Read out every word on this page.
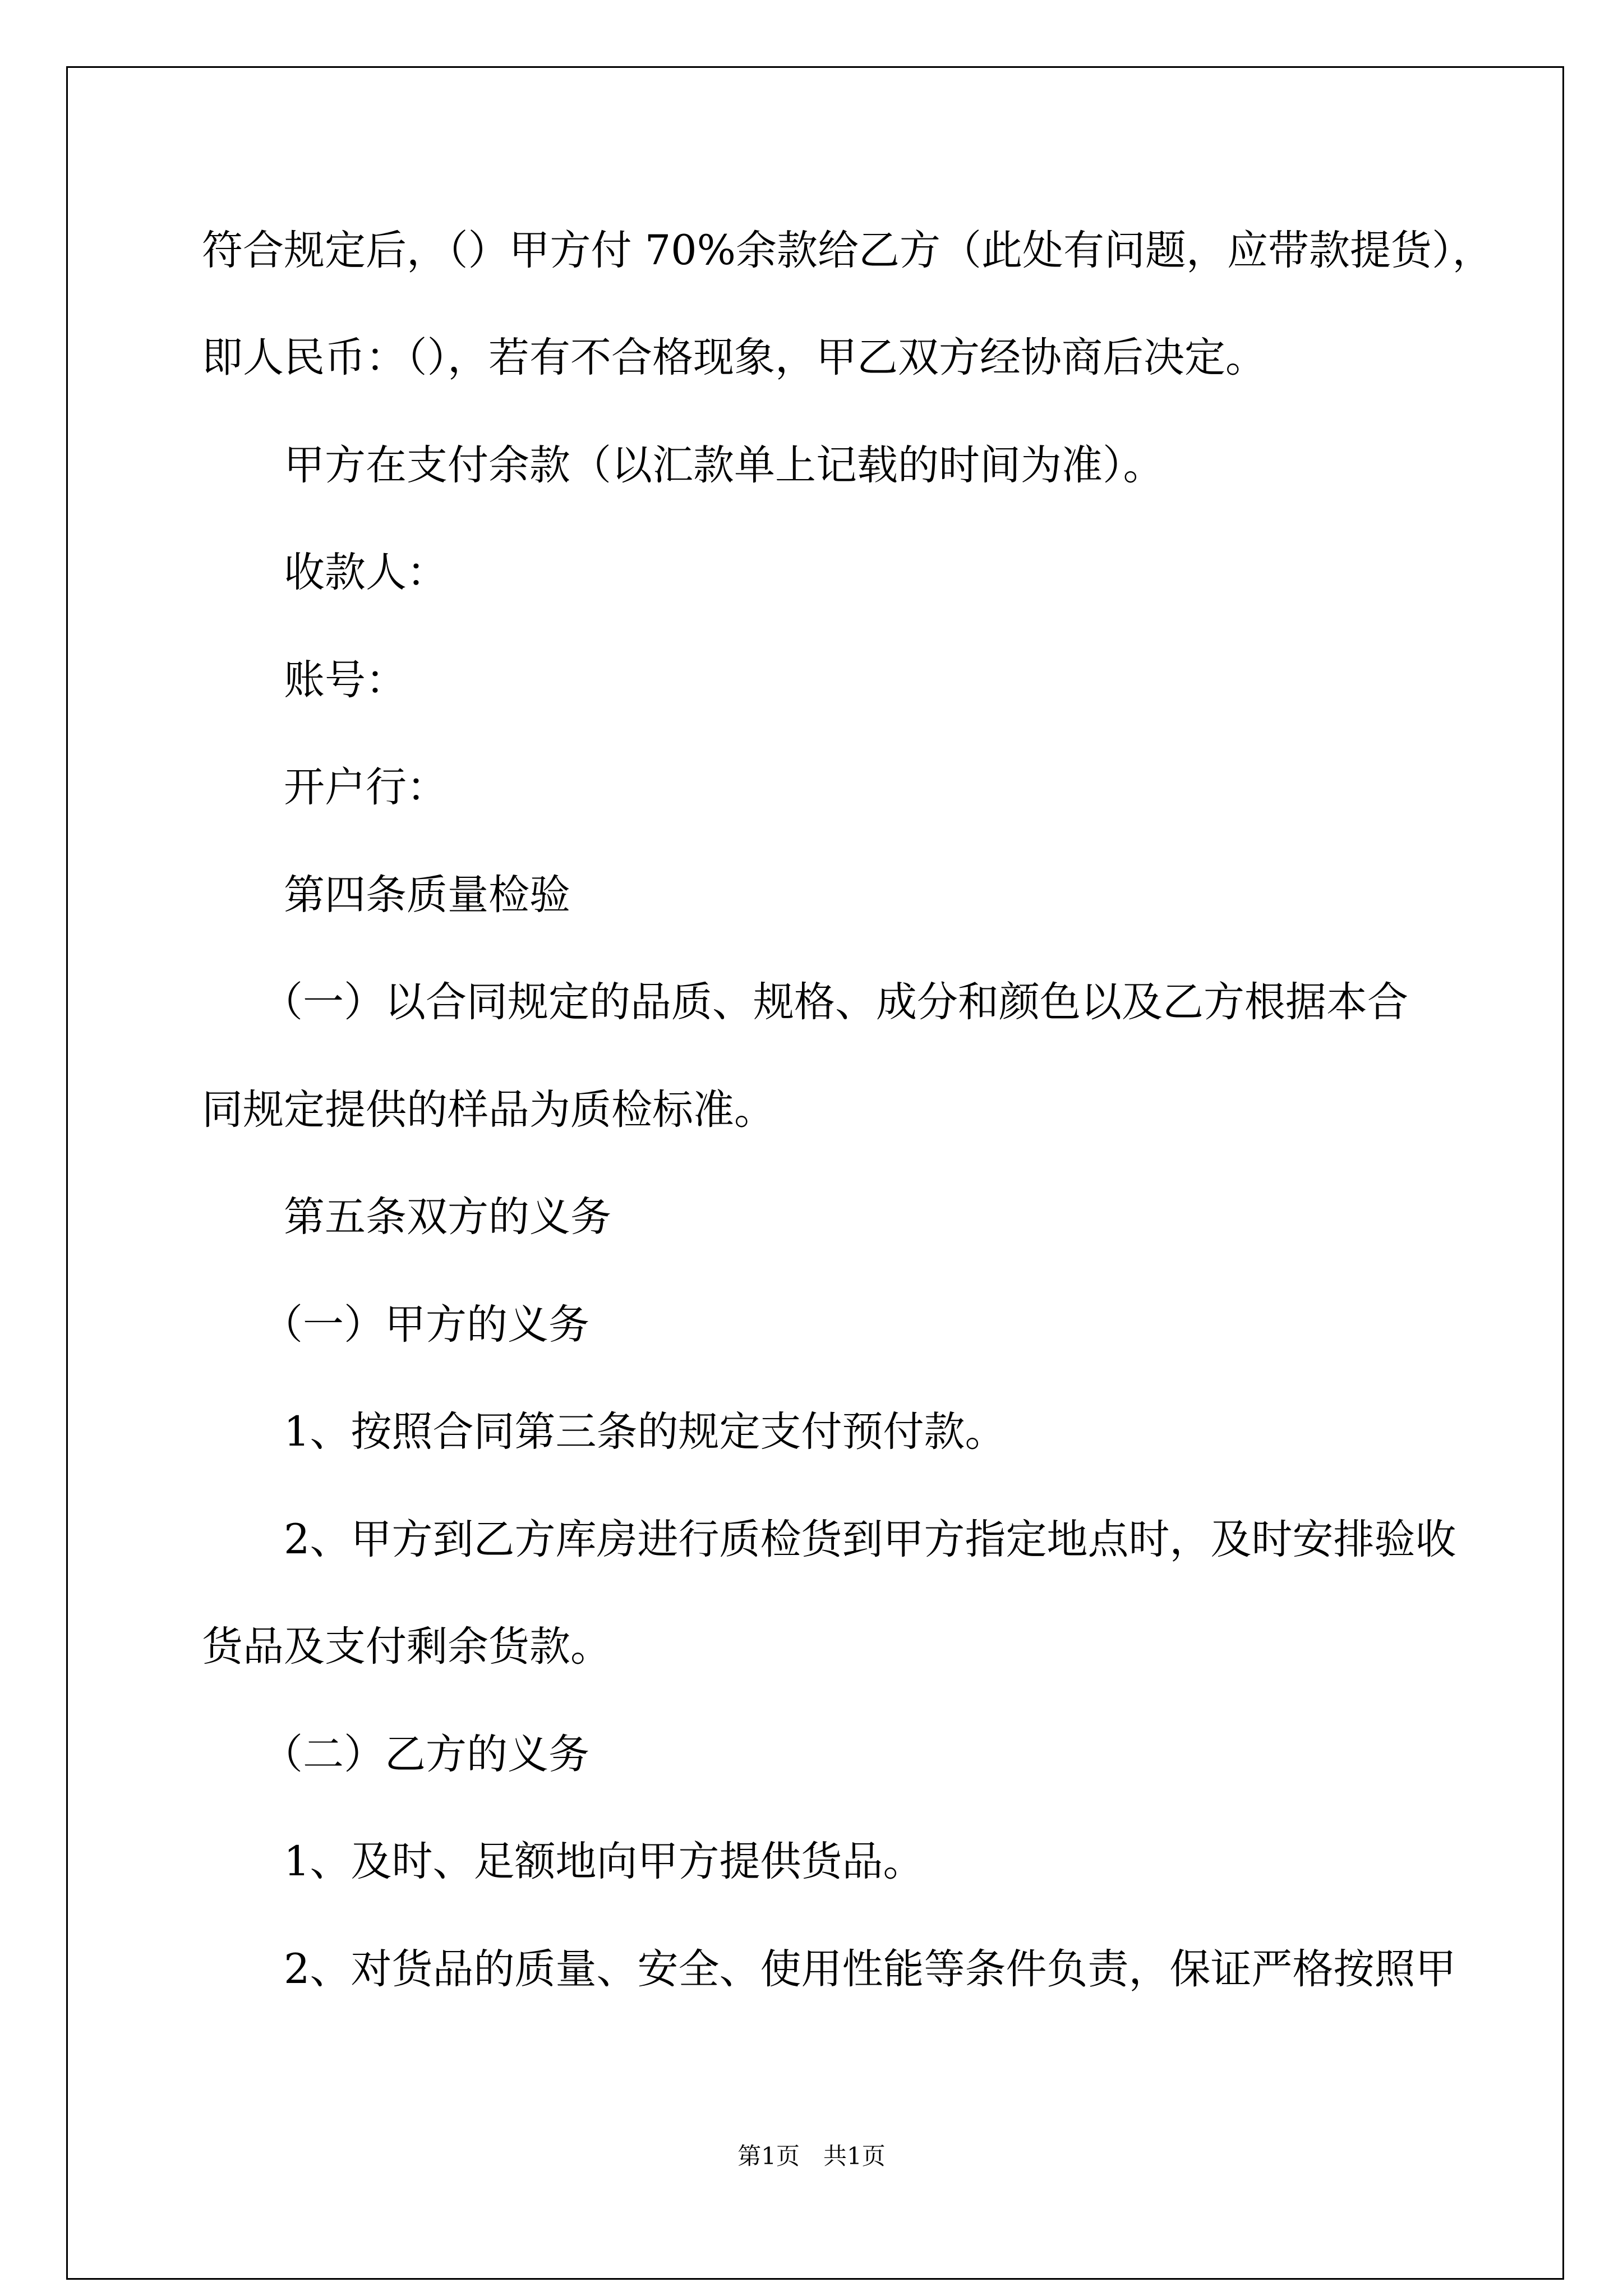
符合规定后，（）甲方付 70%余款给乙方（此处有问题，应带款提货），
即人民币：（），若有不合格现象，甲乙双方经协商后决定。
甲方在支付余款（以汇款单上记载的时间为准）。
收款人：
账号：
开户行：
第四条质量检验
（一）以合同规定的品质、规格、成分和颜色以及乙方根据本合
同规定提供的样品为质检标准。
第五条双方的义务
（一）甲方的义务
1、按照合同第三条的规定支付预付款。
2、甲方到乙方库房进行质检货到甲方指定地点时，及时安排验收
货品及支付剩余货款。
（二）乙方的义务
1、及时、足额地向甲方提供货品。
2、对货品的质量、安全、使用性能等条件负责，保证严格按照甲
第1页　共1页
